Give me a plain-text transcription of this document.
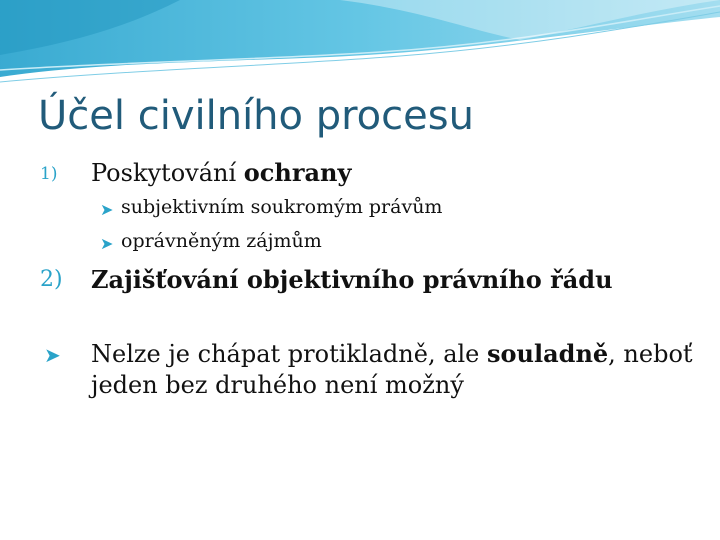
Účel civilního procesu
1) Poskytování ochrany
➤ subjektivním soukromým právům
➤ oprávněným zájmům
2) Zajišťování objektivního právního řádu
➤ Nelze je chápat protikladně, ale souladně, neboť
jeden bez druhého není možný
